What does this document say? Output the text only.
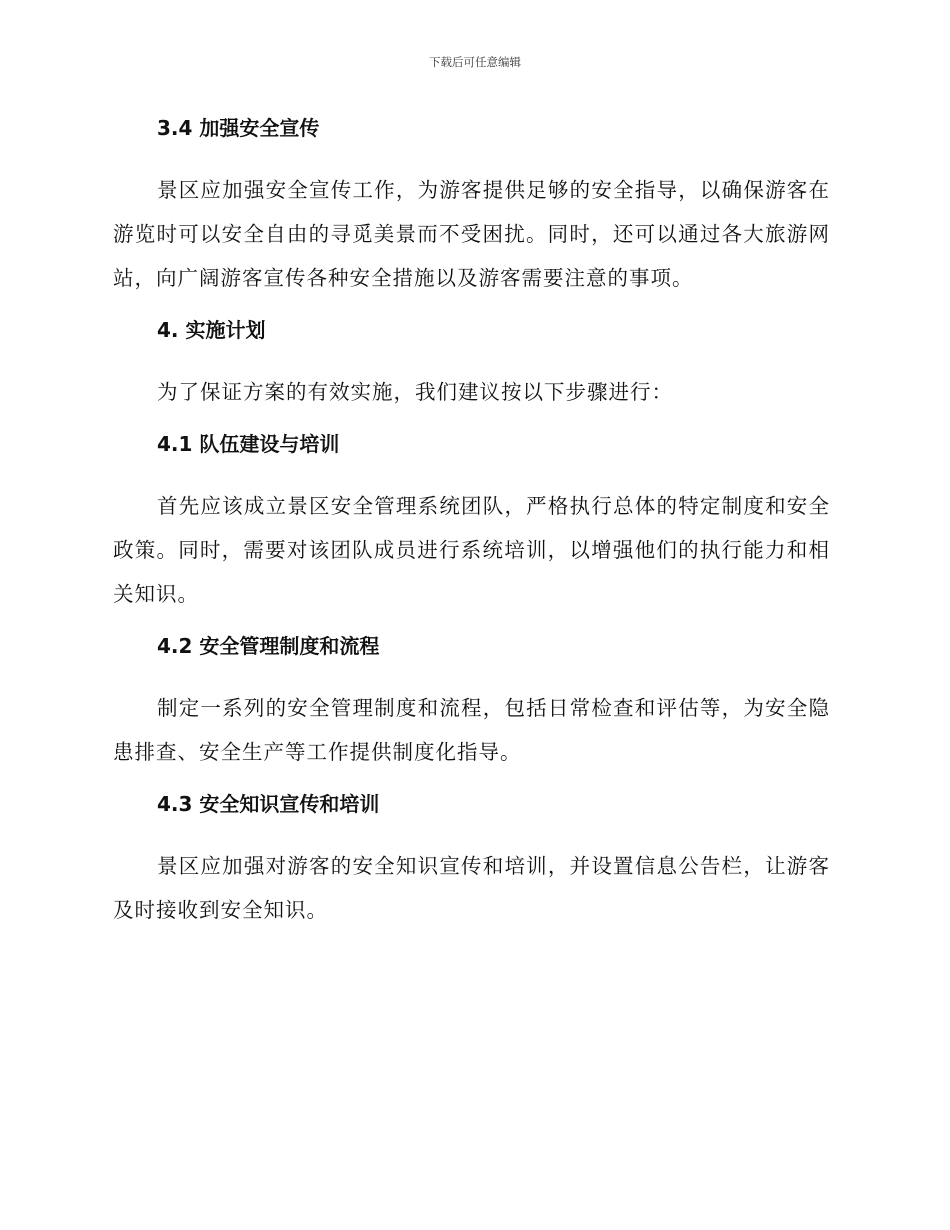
下载后可任意编辑
3.4 加强安全宣传

景区应加强安全宣传工作，为游客提供足够的安全指导，以确保游客在游览时可以安全自由的寻觅美景而不受困扰。同时，还可以通过各大旅游网站，向广阔游客宣传各种安全措施以及游客需要注意的事项。

4. 实施计划

为了保证方案的有效实施，我们建议按以下步骤进行：

4.1 队伍建设与培训

首先应该成立景区安全管理系统团队，严格执行总体的特定制度和安全政策。同时，需要对该团队成员进行系统培训，以增强他们的执行能力和相关知识。

4.2 安全管理制度和流程

制定一系列的安全管理制度和流程，包括日常检查和评估等，为安全隐患排查、安全生产等工作提供制度化指导。

4.3 安全知识宣传和培训

景区应加强对游客的安全知识宣传和培训，并设置信息公告栏，让游客及时接收到安全知识。
